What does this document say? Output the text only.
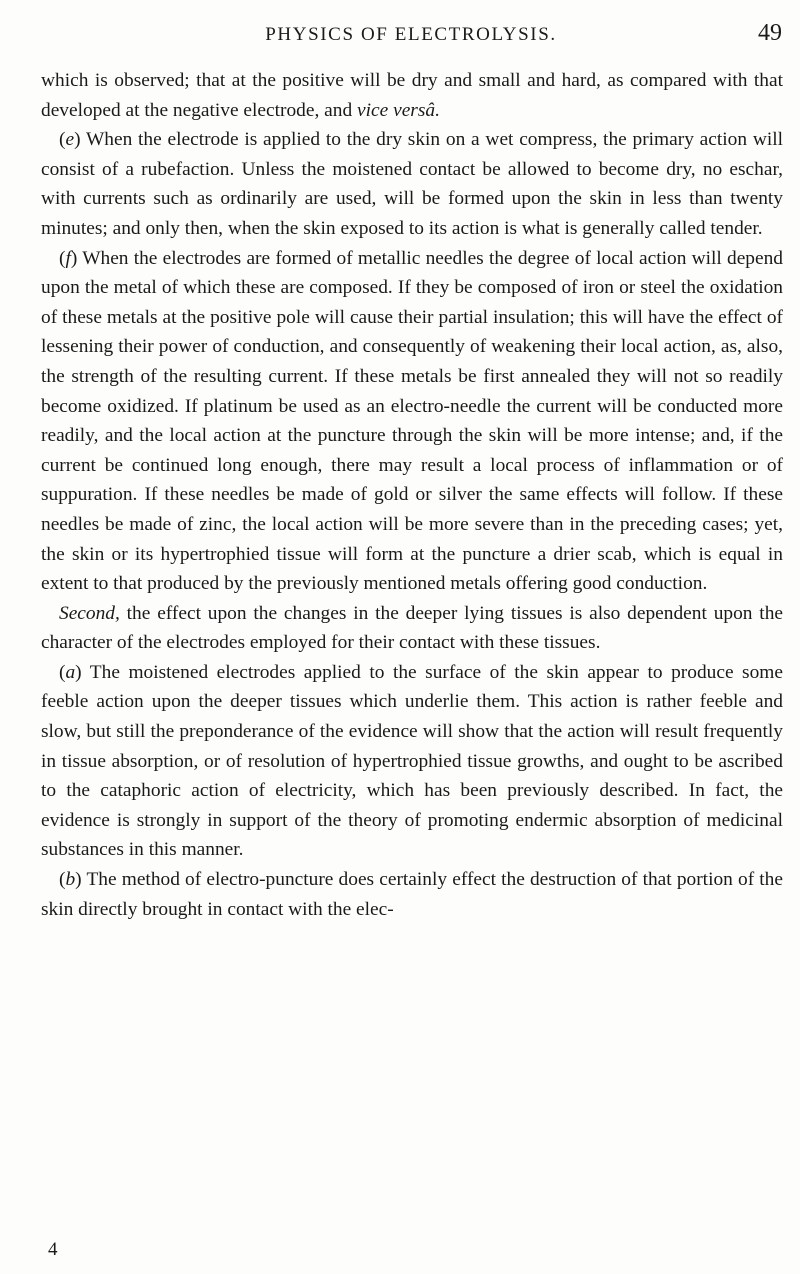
PHYSICS OF ELECTROLYSIS.	49

which is observed; that at the positive will be dry and small and hard, as compared with that developed at the negative electrode, and vice versâ.

(e) When the electrode is applied to the dry skin on a wet compress, the primary action will consist of a rubefaction. Unless the moistened contact be allowed to become dry, no eschar, with currents such as ordinarily are used, will be formed upon the skin in less than twenty minutes; and only then, when the skin exposed to its action is what is generally called tender.

(f) When the electrodes are formed of metallic needles the degree of local action will depend upon the metal of which these are composed. If they be composed of iron or steel the oxidation of these metals at the positive pole will cause their partial insulation; this will have the effect of lessening their power of conduction, and consequently of weakening their local action, as, also, the strength of the resulting current. If these metals be first annealed they will not so readily become oxidized. If platinum be used as an electro-needle the current will be conducted more readily, and the local action at the puncture through the skin will be more intense; and, if the current be continued long enough, there may result a local process of inflammation or of suppuration. If these needles be made of gold or silver the same effects will follow. If these needles be made of zinc, the local action will be more severe than in the preceding cases; yet, the skin or its hypertrophied tissue will form at the puncture a drier scab, which is equal in extent to that produced by the previously mentioned metals offering good conduction.

Second, the effect upon the changes in the deeper lying tissues is also dependent upon the character of the electrodes employed for their contact with these tissues.

(a) The moistened electrodes applied to the surface of the skin appear to produce some feeble action upon the deeper tissues which underlie them. This action is rather feeble and slow, but still the preponderance of the evidence will show that the action will result frequently in tissue absorption, or of resolution of hypertrophied tissue growths, and ought to be ascribed to the cataphoric action of electricity, which has been previously described. In fact, the evidence is strongly in support of the theory of promoting endermic absorption of medicinal substances in this manner.

(b) The method of electro-puncture does certainly effect the destruction of that portion of the skin directly brought in contact with the elec-

4
